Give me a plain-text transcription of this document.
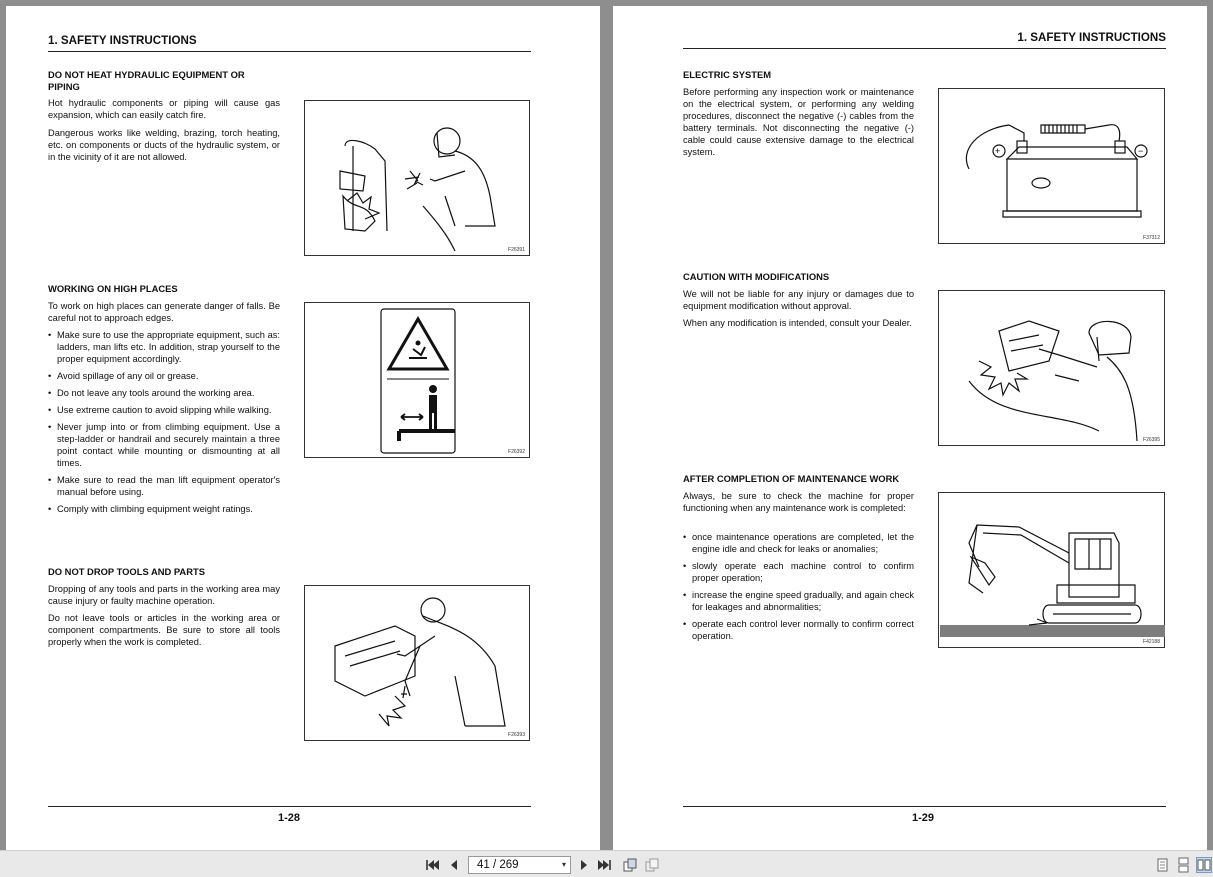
1. SAFETY INSTRUCTIONS
DO NOT HEAT HYDRAULIC EQUIPMENT OR
PIPING

Hot hydraulic components or piping will cause gas expansion, which can easily catch fire.

Dangerous works like welding, brazing, torch heating, etc. on components or ducts of the hydraulic system, or in the vicinity of it are not allowed.

F26391
WORKING ON HIGH PLACES

To work on high places can generate danger of falls. Be careful not to approach edges.

• Make sure to use the appropriate equipment, such as: ladders, man lifts etc. In addition, strap yourself to the proper equipment accordingly.
• Avoid spillage of any oil or grease.
• Do not leave any tools around the working area.
• Use extreme caution to avoid slipping while walking.
• Never jump into or from climbing equipment. Use a step-ladder or handrail and securely maintain a three point contact while mounting or dismounting at all times.
• Make sure to read the man lift equipment operator's manual before using.
• Comply with climbing equipment weight ratings.
F26392
DO NOT DROP TOOLS AND PARTS

Dropping of any tools and parts in the working area may cause injury or faulty machine operation.

Do not leave tools or articles in the working area or component compartments. Be sure to store all tools properly when the work is completed.

F26393
1-28
1. SAFETY INSTRUCTIONS
ELECTRIC SYSTEM

Before performing any inspection work or maintenance on the electrical system, or performing any welding procedures, disconnect the negative (-) cables from the battery terminals. Not disconnecting the negative (-) cable could cause extensive damage to the electrical system.	+	−
F37312
CAUTION WITH MODIFICATIONS

We will not be liable for any injury or damages due to equipment modification without approval.

When any modification is intended, consult your Dealer.

F26395
AFTER COMPLETION OF MAINTENANCE WORK

Always, be sure to check the machine for proper functioning when any maintenance work is completed:

• once maintenance operations are completed, let the engine idle and check for leaks or anomalies;
• slowly operate each machine control to confirm proper operation;
• increase the engine speed gradually, and again check for leakages and abnormalities;
• operate each control lever normally to confirm correct operation.
F42188
1-29
41 / 269	▾
